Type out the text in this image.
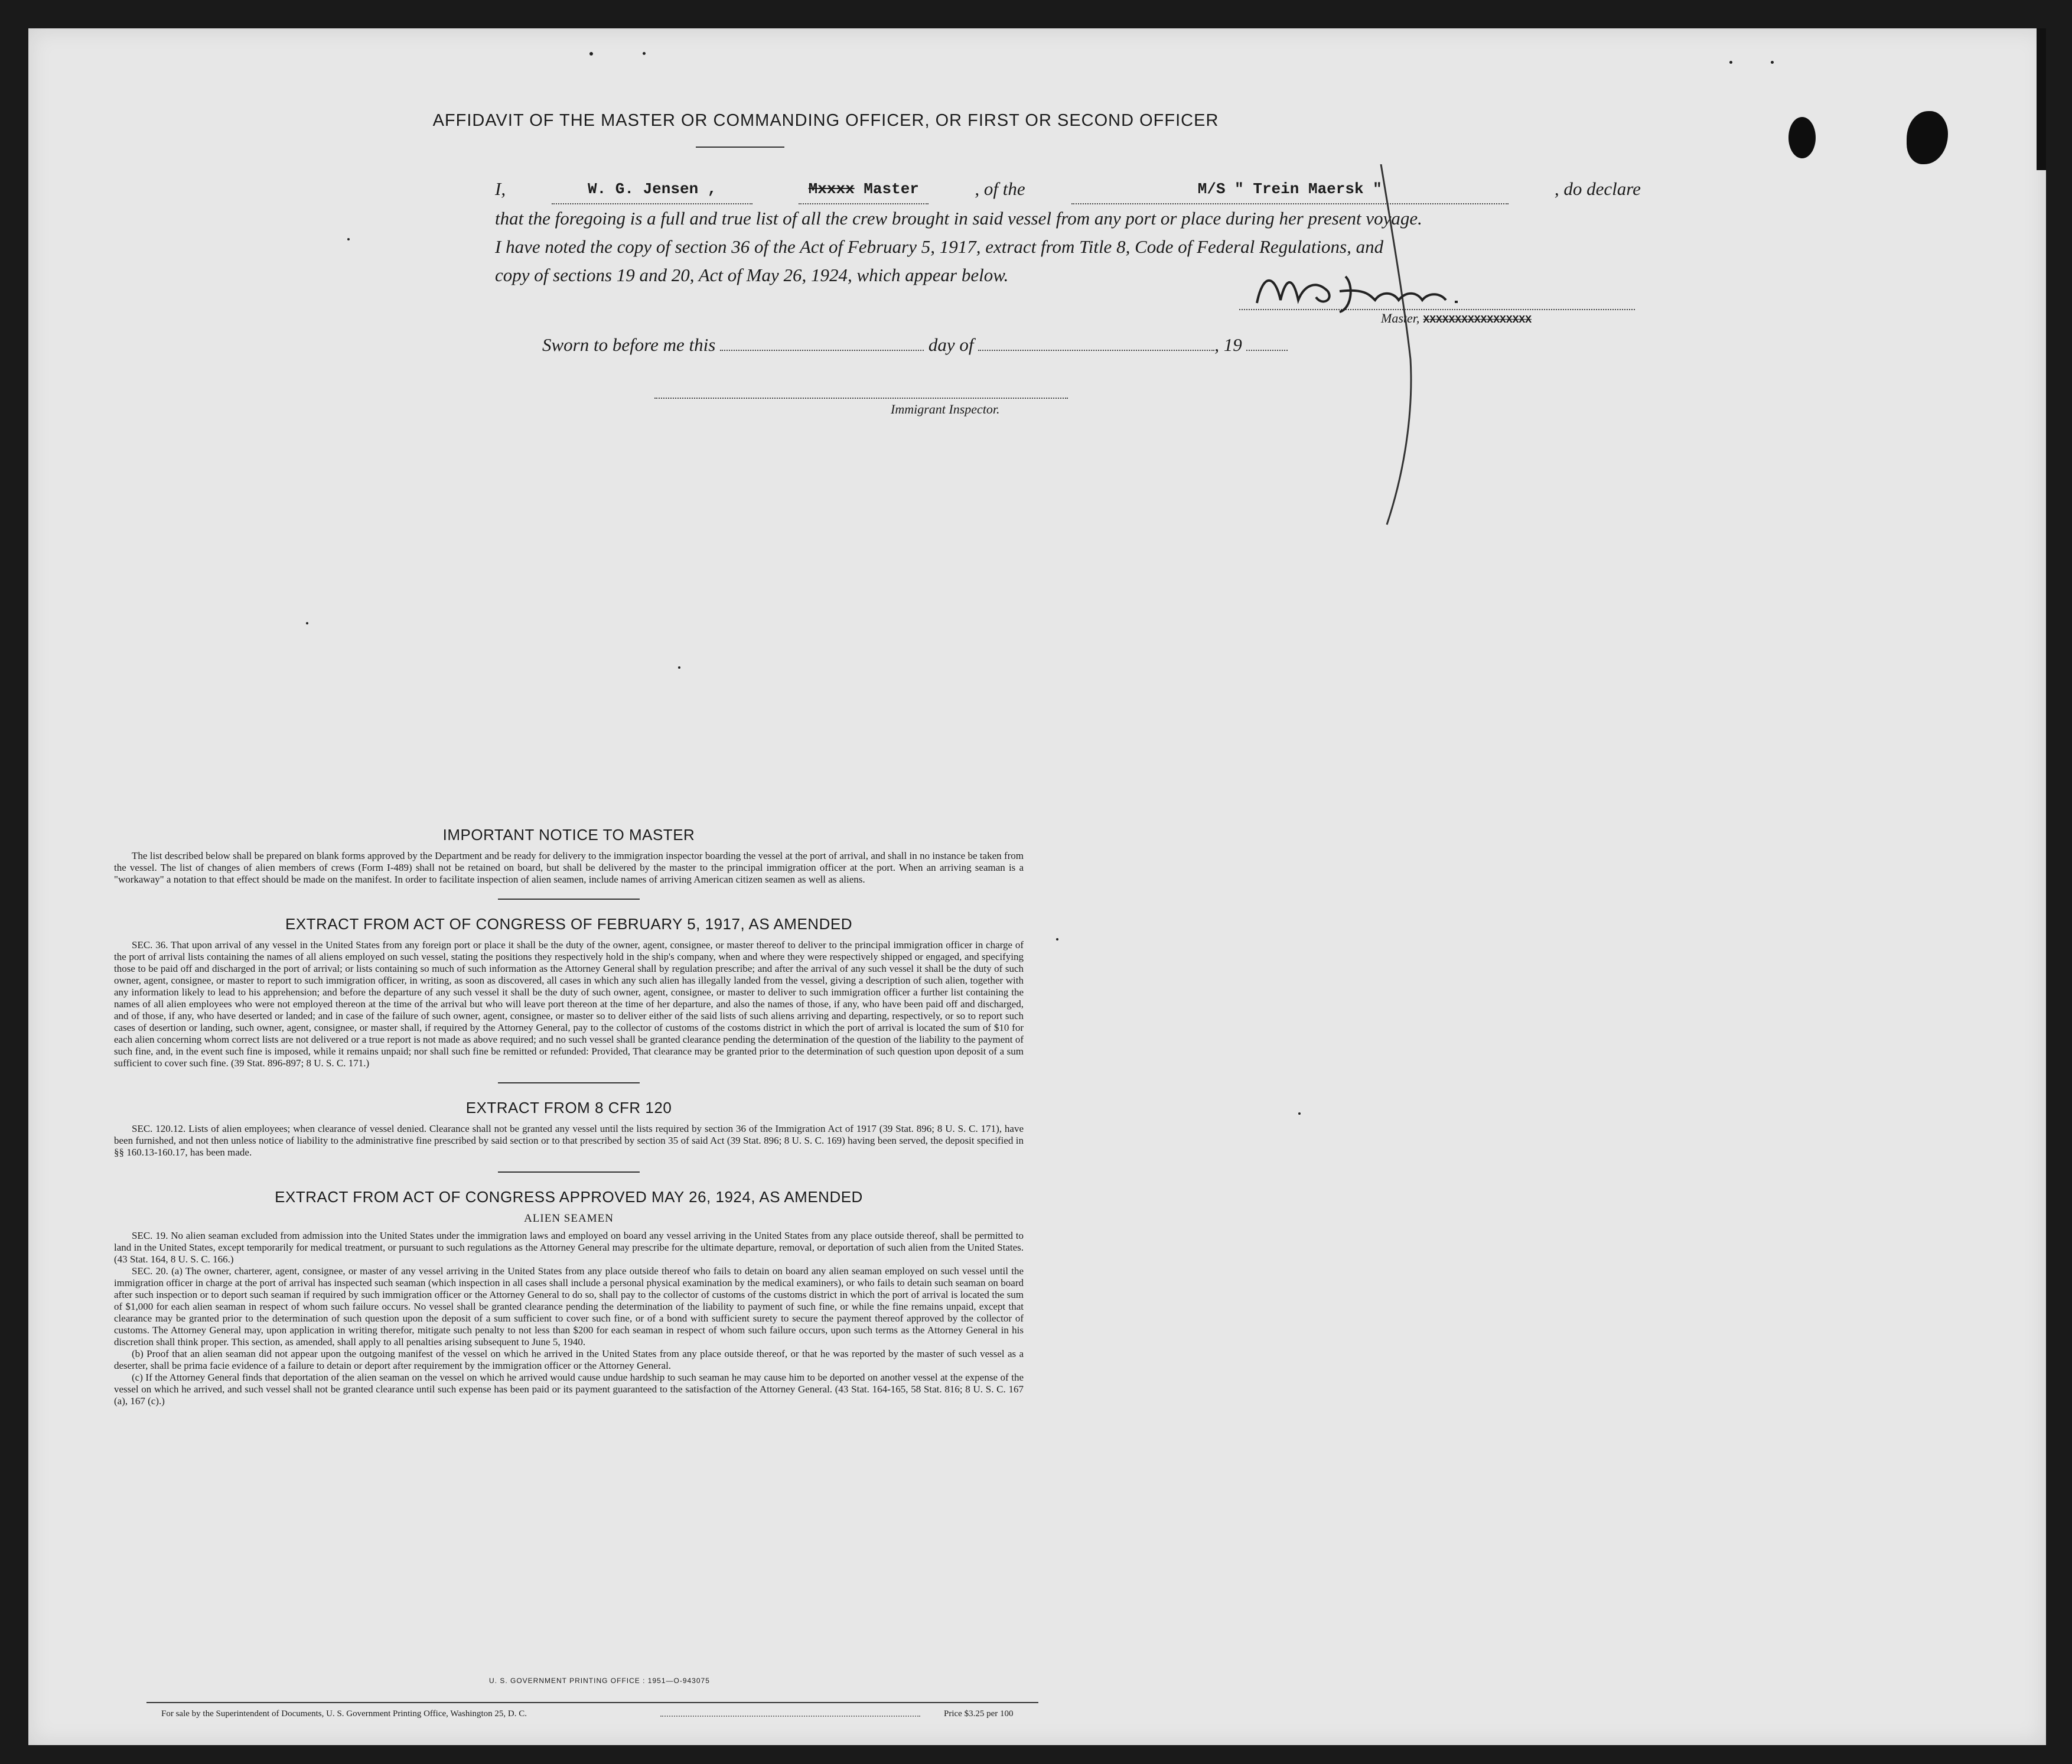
AFFIDAVIT OF THE MASTER OR COMMANDING OFFICER, OR FIRST OR SECOND OFFICER
I,	W. G. Jensen ,	Mxxxx Master	, of the	M/S " Trein Maersk "	, do declare
that the foregoing is a full and true list of all the crew brought in said vessel from any port or place during her present voyage.
I have noted the copy of section 36 of the Act of February 5, 1917, extract from Title 8, Code of Federal Regulations, and
copy of sections 19 and 20, Act of May 26, 1924, which appear below.
Master, XXXXXXXXXXXXXXXXX
Sworn to before me this	day of	, 19
Immigrant Inspector.
IMPORTANT NOTICE TO MASTER

The list described below shall be prepared on blank forms approved by the Department and be ready for delivery to the immigration inspector boarding the vessel at the port of arrival, and shall in no instance be taken from the vessel. The list of changes of alien members of crews (Form I-489) shall not be retained on board, but shall be delivered by the master to the principal immigration officer at the port. When an arriving seaman is a "workaway" a notation to that effect should be made on the manifest. In order to facilitate inspection of alien seamen, include names of arriving American citizen seamen as well as aliens.

EXTRACT FROM ACT OF CONGRESS OF FEBRUARY 5, 1917, AS AMENDED

SEC. 36. That upon arrival of any vessel in the United States from any foreign port or place it shall be the duty of the owner, agent, consignee, or master thereof to deliver to the principal immigration officer in charge of the port of arrival lists containing the names of all aliens employed on such vessel, stating the positions they respectively hold in the ship's company, when and where they were respectively shipped or engaged, and specifying those to be paid off and discharged in the port of arrival; or lists containing so much of such information as the Attorney General shall by regulation prescribe; and after the arrival of any such vessel it shall be the duty of such owner, agent, consignee, or master to report to such immigration officer, in writing, as soon as discovered, all cases in which any such alien has illegally landed from the vessel, giving a description of such alien, together with any information likely to lead to his apprehension; and before the departure of any such vessel it shall be the duty of such owner, agent, consignee, or master to deliver to such immigration officer a further list containing the names of all alien employees who were not employed thereon at the time of the arrival but who will leave port thereon at the time of her departure, and also the names of those, if any, who have been paid off and discharged, and of those, if any, who have deserted or landed; and in case of the failure of such owner, agent, consignee, or master so to deliver either of the said lists of such aliens arriving and departing, respectively, or so to report such cases of desertion or landing, such owner, agent, consignee, or master shall, if required by the Attorney General, pay to the collector of customs of the costoms district in which the port of arrival is located the sum of $10 for each alien concerning whom correct lists are not delivered or a true report is not made as above required; and no such vessel shall be granted clearance pending the determination of the question of the liability to the payment of such fine, and, in the event such fine is imposed, while it remains unpaid; nor shall such fine be remitted or refunded: Provided, That clearance may be granted prior to the determination of such question upon deposit of a sum sufficient to cover such fine. (39 Stat. 896-897; 8 U. S. C. 171.)

EXTRACT FROM 8 CFR 120

SEC. 120.12. Lists of alien employees; when clearance of vessel denied. Clearance shall not be granted any vessel until the lists required by section 36 of the Immigration Act of 1917 (39 Stat. 896; 8 U. S. C. 171), have been furnished, and not then unless notice of liability to the administrative fine prescribed by said section or to that prescribed by section 35 of said Act (39 Stat. 896; 8 U. S. C. 169) having been served, the deposit specified in §§ 160.13-160.17, has been made.

EXTRACT FROM ACT OF CONGRESS APPROVED MAY 26, 1924, AS AMENDED
ALIEN SEAMEN

SEC. 19. No alien seaman excluded from admission into the United States under the immigration laws and employed on board any vessel arriving in the United States from any place outside thereof, shall be permitted to land in the United States, except temporarily for medical treatment, or pursuant to such regulations as the Attorney General may prescribe for the ultimate departure, removal, or deportation of such alien from the United States. (43 Stat. 164, 8 U. S. C. 166.)

SEC. 20. (a) The owner, charterer, agent, consignee, or master of any vessel arriving in the United States from any place outside thereof who fails to detain on board any alien seaman employed on such vessel until the immigration officer in charge at the port of arrival has inspected such seaman (which inspection in all cases shall include a personal physical examination by the medical examiners), or who fails to detain such seaman on board after such inspection or to deport such seaman if required by such immigration officer or the Attorney General to do so, shall pay to the collector of customs of the customs district in which the port of arrival is located the sum of $1,000 for each alien seaman in respect of whom such failure occurs. No vessel shall be granted clearance pending the determination of the liability to payment of such fine, or while the fine remains unpaid, except that clearance may be granted prior to the determination of such question upon the deposit of a sum sufficient to cover such fine, or of a bond with sufficient surety to secure the payment thereof approved by the collector of customs. The Attorney General may, upon application in writing therefor, mitigate such penalty to not less than $200 for each seaman in respect of whom such failure occurs, upon such terms as the Attorney General in his discretion shall think proper. This section, as amended, shall apply to all penalties arising subsequent to June 5, 1940.

(b) Proof that an alien seaman did not appear upon the outgoing manifest of the vessel on which he arrived in the United States from any place outside thereof, or that he was reported by the master of such vessel as a deserter, shall be prima facie evidence of a failure to detain or deport after requirement by the immigration officer or the Attorney General.

(c) If the Attorney General finds that deportation of the alien seaman on the vessel on which he arrived would cause undue hardship to such seaman he may cause him to be deported on another vessel at the expense of the vessel on which he arrived, and such vessel shall not be granted clearance until such expense has been paid or its payment guaranteed to the satisfaction of the Attorney General. (43 Stat. 164-165, 58 Stat. 816; 8 U. S. C. 167 (a), 167 (c).)

U. S. GOVERNMENT PRINTING OFFICE : 1951—O-943075
For sale by the Superintendent of Documents, U. S. Government Printing Office, Washington 25, D. C.	Price $3.25 per 100
